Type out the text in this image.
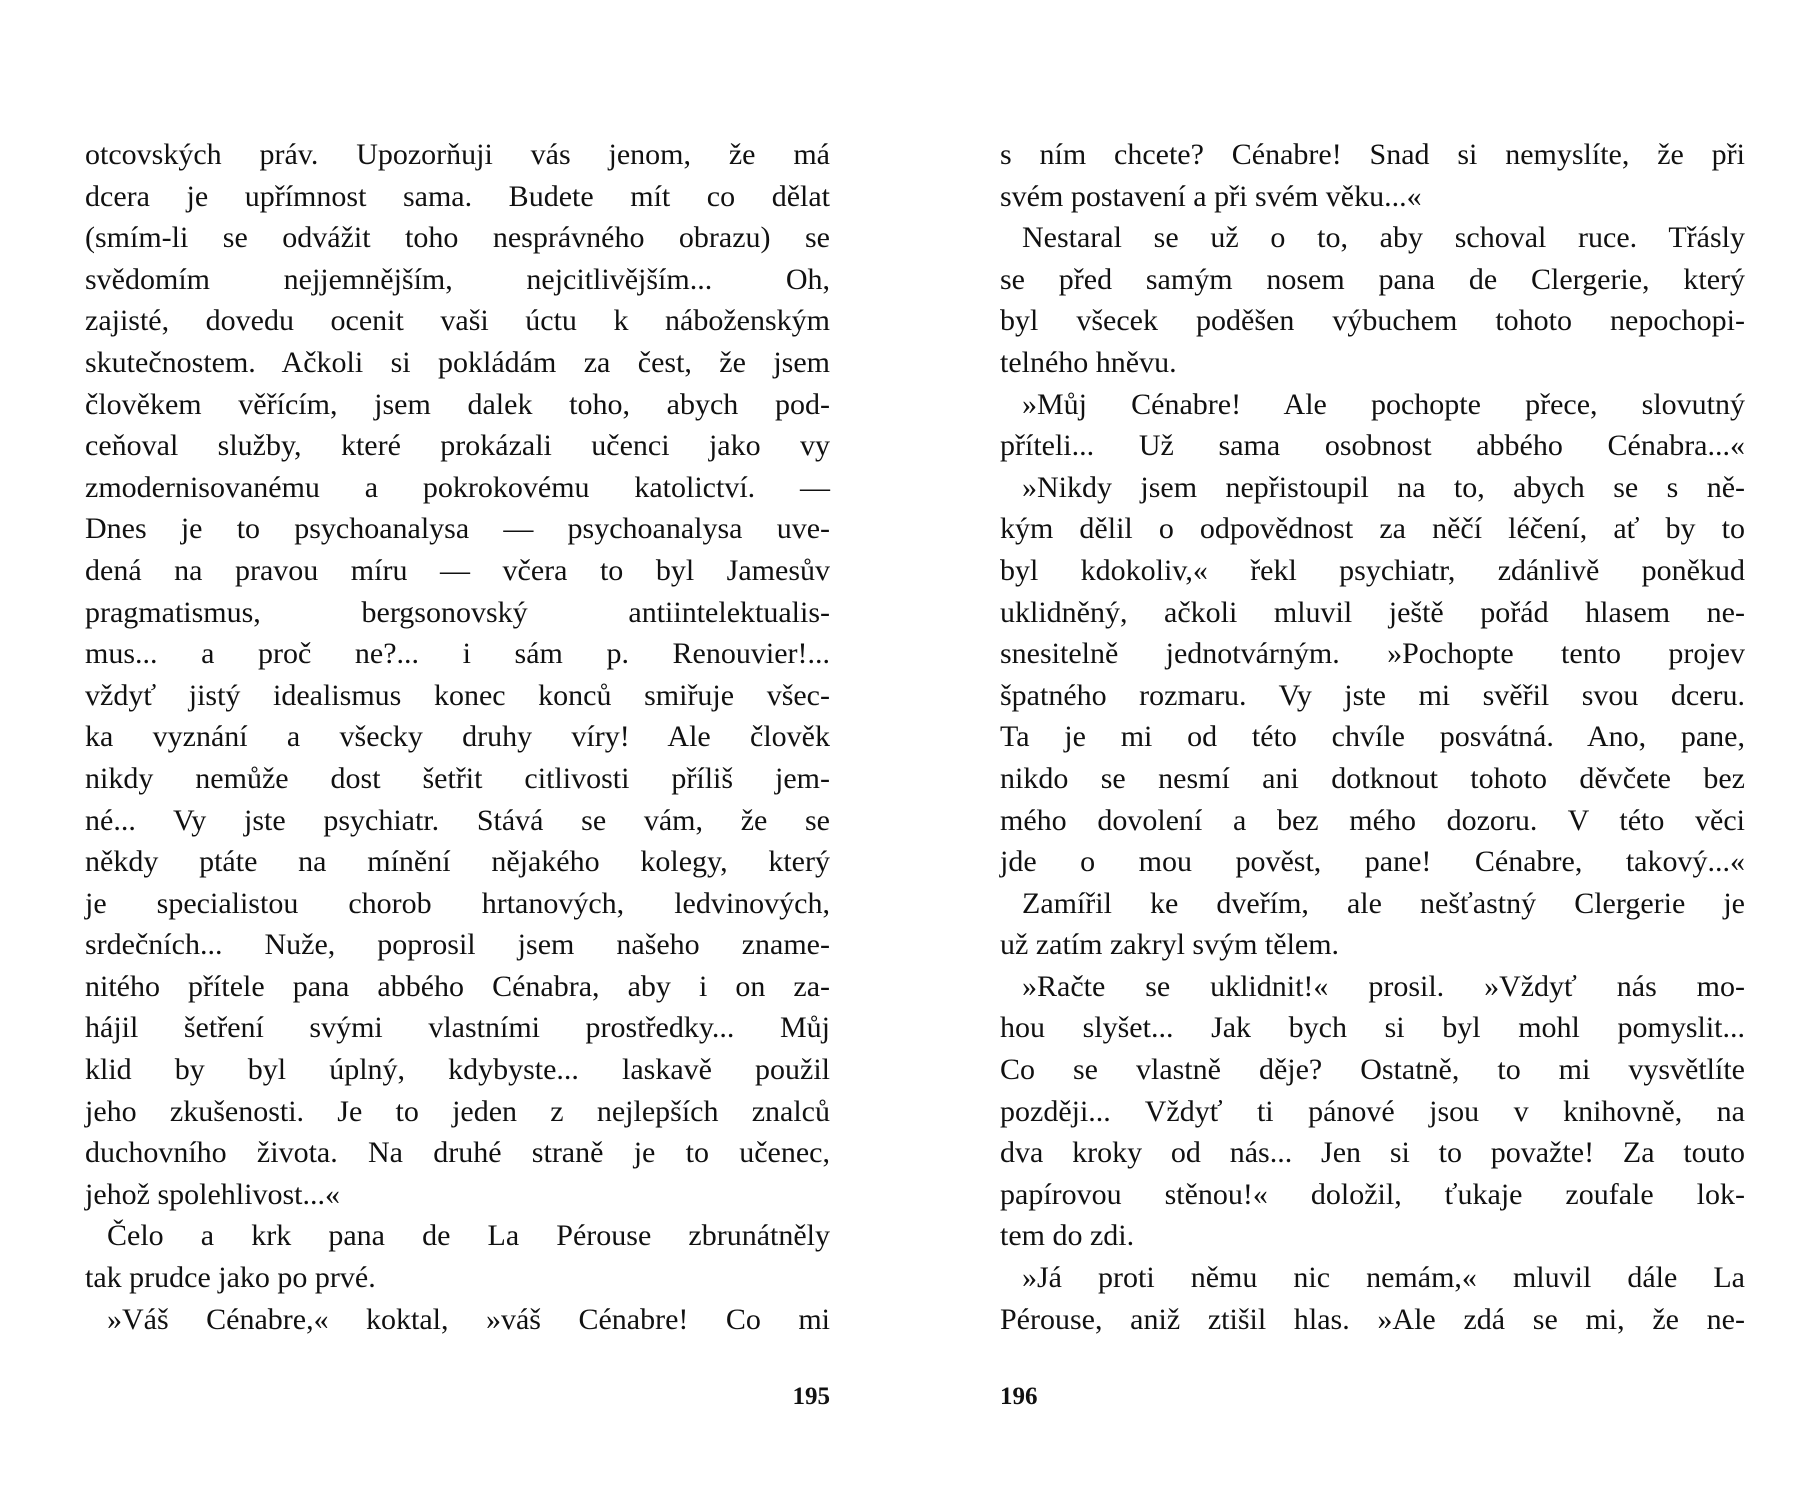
otcovských práv. Upozorňuji vás jenom, že má
dcera je upřímnost sama. Budete mít co dělat
(smím-li se odvážit toho nesprávného obrazu) se
svědomím nejjemnějším, nejcitlivějším... Oh,
zajisté, dovedu ocenit vaši úctu k náboženským
skutečnostem. Ačkoli si pokládám za čest, že jsem
člověkem věřícím, jsem dalek toho, abych pod-
ceňoval služby, které prokázali učenci jako vy
zmodernisovanému a pokrokovému katolictví. —
Dnes je to psychoanalysa — psychoanalysa uve-
dená na pravou míru — včera to byl Jamesův
pragmatismus, bergsonovský antiintelektualis-
mus... a proč ne?... i sám p. Renouvier!...
vždyť jistý idealismus konec konců smiřuje všec-
ka vyznání a všecky druhy víry! Ale člověk
nikdy nemůže dost šetřit citlivosti příliš jem-
né... Vy jste psychiatr. Stává se vám, že se
někdy ptáte na mínění nějakého kolegy, který
je specialistou chorob hrtanových, ledvinových,
srdečních... Nuže, poprosil jsem našeho zname-
nitého přítele pana abbého Cénabra, aby i on za-
hájil šetření svými vlastními prostředky... Můj
klid by byl úplný, kdybyste... laskavě použil
jeho zkušenosti. Je to jeden z nejlepších znalců
duchovního života. Na druhé straně je to učenec,
jehož spolehlivost...«
Čelo a krk pana de La Pérouse zbrunátněly
tak prudce jako po prvé.
»Váš Cénabre,« koktal, »váš Cénabre! Co mi
195
s ním chcete? Cénabre! Snad si nemyslíte, že při
svém postavení a při svém věku...«
Nestaral se už o to, aby schoval ruce. Třásly
se před samým nosem pana de Clergerie, který
byl všecek poděšen výbuchem tohoto nepochopi-
telného hněvu.
»Můj Cénabre! Ale pochopte přece, slovutný
příteli... Už sama osobnost abbého Cénabra...«
»Nikdy jsem nepřistoupil na to, abych se s ně-
kým dělil o odpovědnost za něčí léčení, ať by to
byl kdokoliv,« řekl psychiatr, zdánlivě poněkud
uklidněný, ačkoli mluvil ještě pořád hlasem ne-
snesitelně jednotvárným. »Pochopte tento projev
špatného rozmaru. Vy jste mi svěřil svou dceru.
Ta je mi od této chvíle posvátná. Ano, pane,
nikdo se nesmí ani dotknout tohoto děvčete bez
mého dovolení a bez mého dozoru. V této věci
jde o mou pověst, pane! Cénabre, takový...«
Zamířil ke dveřím, ale nešťastný Clergerie je
už zatím zakryl svým tělem.
»Račte se uklidnit!« prosil. »Vždyť nás mo-
hou slyšet... Jak bych si byl mohl pomyslit...
Co se vlastně děje? Ostatně, to mi vysvětlíte
později... Vždyť ti pánové jsou v knihovně, na
dva kroky od nás... Jen si to považte! Za touto
papírovou stěnou!« doložil, ťukaje zoufale lok-
tem do zdi.
»Já proti němu nic nemám,« mluvil dále La
Pérouse, aniž ztišil hlas. »Ale zdá se mi, že ne-
196
